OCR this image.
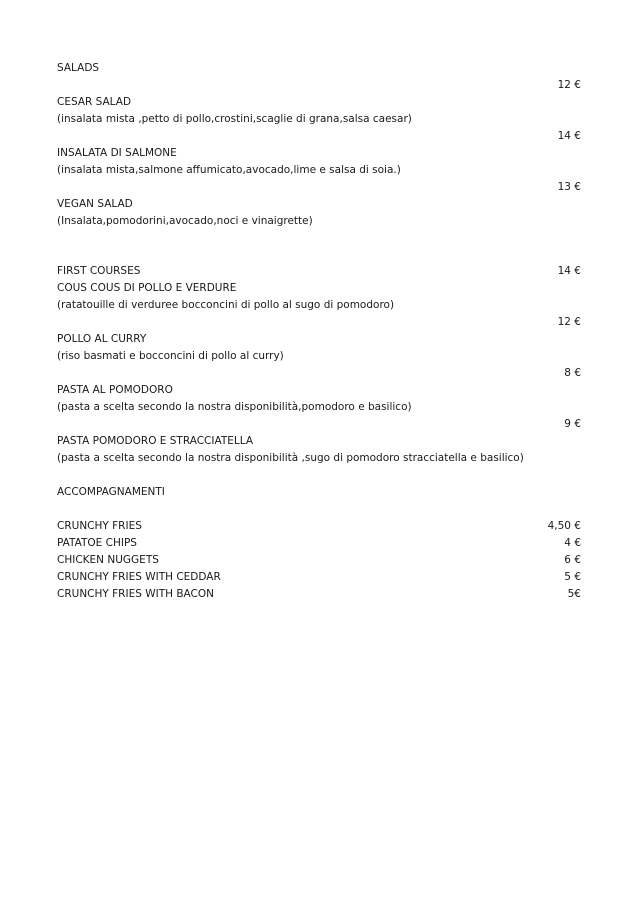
SALADS
12 €
CESAR SALAD
(insalata mista ,petto di pollo,crostini,scaglie di grana,salsa caesar)
14 €
INSALATA DI SALMONE
(insalata mista,salmone affumicato,avocado,lime e salsa di soia.)
13 €
VEGAN SALAD
(Insalata,pomodorini,avocado,noci e vinaigrette)
FIRST COURSES	14 €
COUS COUS DI POLLO E VERDURE
(ratatouille di verduree bocconcini di pollo al sugo di pomodoro)
12 €
POLLO AL CURRY
(riso basmati e bocconcini di pollo al curry)
8 €
PASTA AL POMODORO
(pasta a scelta secondo la nostra disponibilità,pomodoro e basilico)
9 €
PASTA POMODORO E STRACCIATELLA
(pasta a scelta secondo la nostra disponibilità ,sugo di pomodoro stracciatella e basilico)
ACCOMPAGNAMENTI
CRUNCHY FRIES	4,50 €
PATATOE CHIPS	4 €
CHICKEN NUGGETS	6 €
CRUNCHY FRIES WITH CEDDAR	5 €
CRUNCHY FRIES WITH BACON	5€
